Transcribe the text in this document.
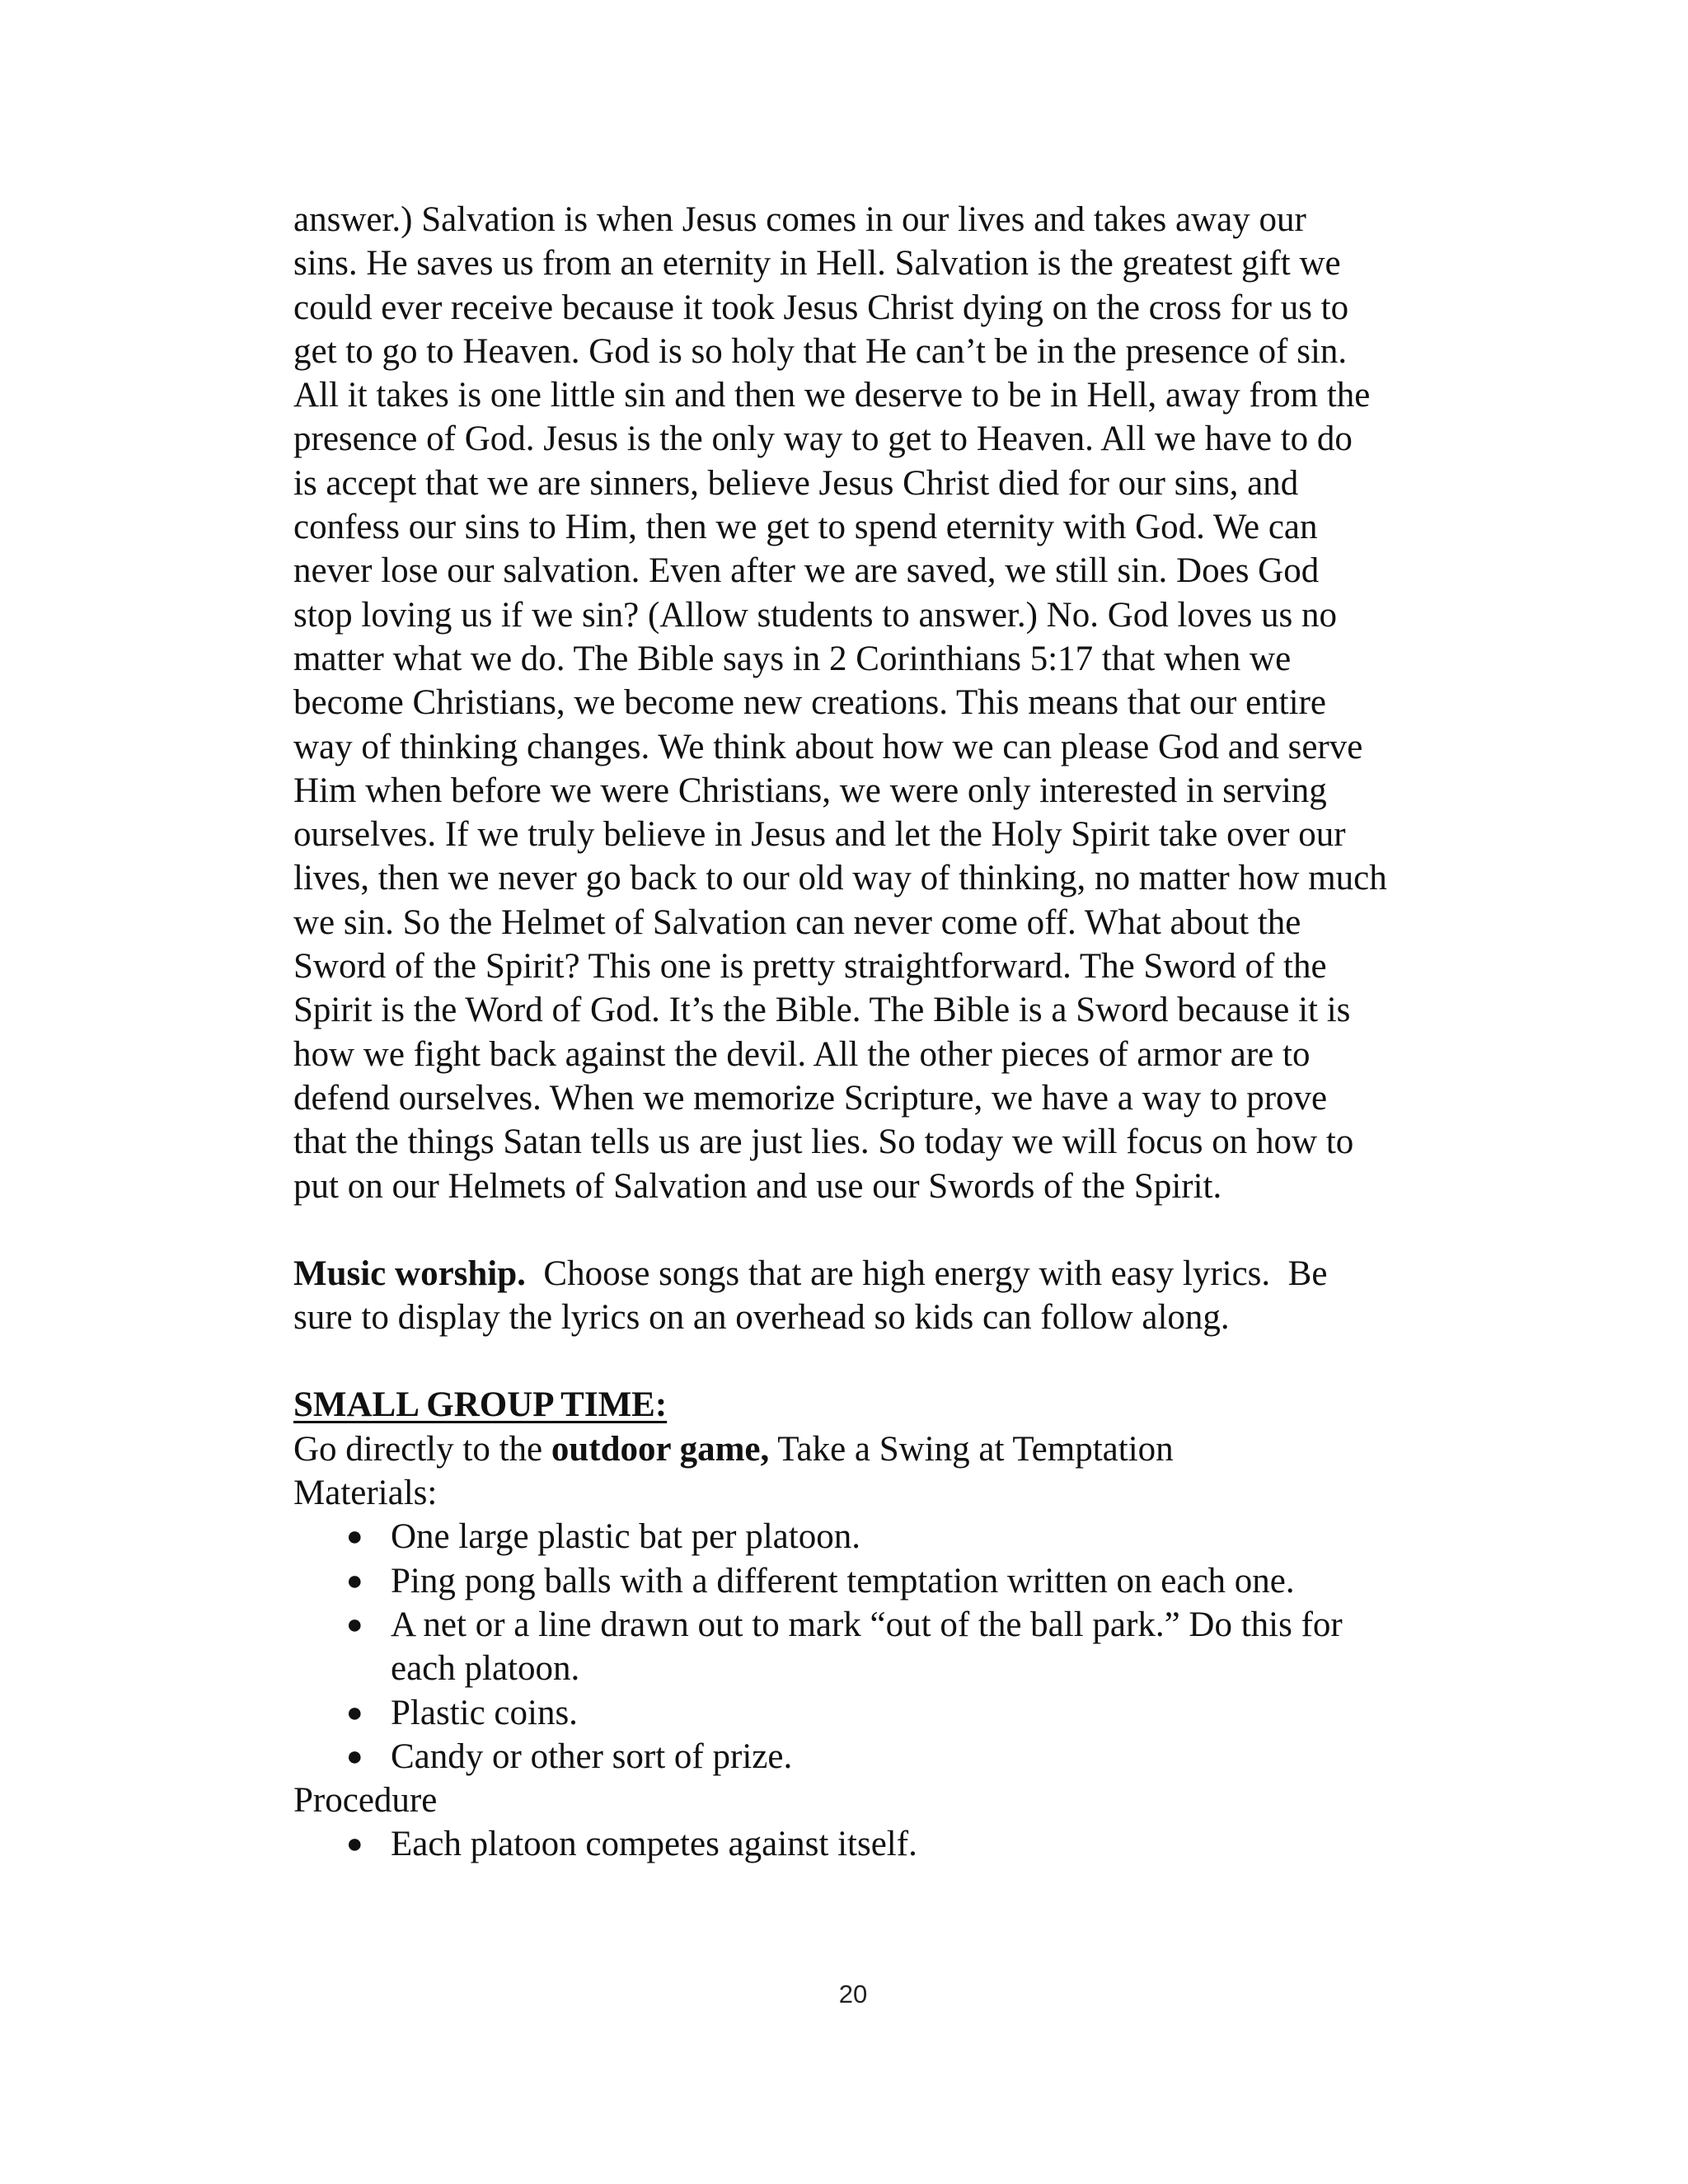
answer.) Salvation is when Jesus comes in our lives and takes away our
sins. He saves us from an eternity in Hell. Salvation is the greatest gift we
could ever receive because it took Jesus Christ dying on the cross for us to
get to go to Heaven. God is so holy that He can’t be in the presence of sin.
All it takes is one little sin and then we deserve to be in Hell, away from the
presence of God. Jesus is the only way to get to Heaven. All we have to do
is accept that we are sinners, believe Jesus Christ died for our sins, and
confess our sins to Him, then we get to spend eternity with God. We can
never lose our salvation. Even after we are saved, we still sin. Does God
stop loving us if we sin? (Allow students to answer.) No. God loves us no
matter what we do. The Bible says in 2 Corinthians 5:17 that when we
become Christians, we become new creations. This means that our entire
way of thinking changes. We think about how we can please God and serve
Him when before we were Christians, we were only interested in serving
ourselves. If we truly believe in Jesus and let the Holy Spirit take over our
lives, then we never go back to our old way of thinking, no matter how much
we sin. So the Helmet of Salvation can never come off. What about the
Sword of the Spirit? This one is pretty straightforward. The Sword of the
Spirit is the Word of God. It’s the Bible. The Bible is a Sword because it is
how we fight back against the devil. All the other pieces of armor are to
defend ourselves. When we memorize Scripture, we have a way to prove
that the things Satan tells us are just lies. So today we will focus on how to
put on our Helmets of Salvation and use our Swords of the Spirit.
Music worship.  Choose songs that are high energy with easy lyrics.  Be
sure to display the lyrics on an overhead so kids can follow along.
SMALL GROUP TIME:
Go directly to the outdoor game, Take a Swing at Temptation
Materials:
● One large plastic bat per platoon.
● Ping pong balls with a different temptation written on each one.
● A net or a line drawn out to mark “out of the ball park.” Do this for
each platoon.
● Plastic coins.
● Candy or other sort of prize.
Procedure
● Each platoon competes against itself.
20
